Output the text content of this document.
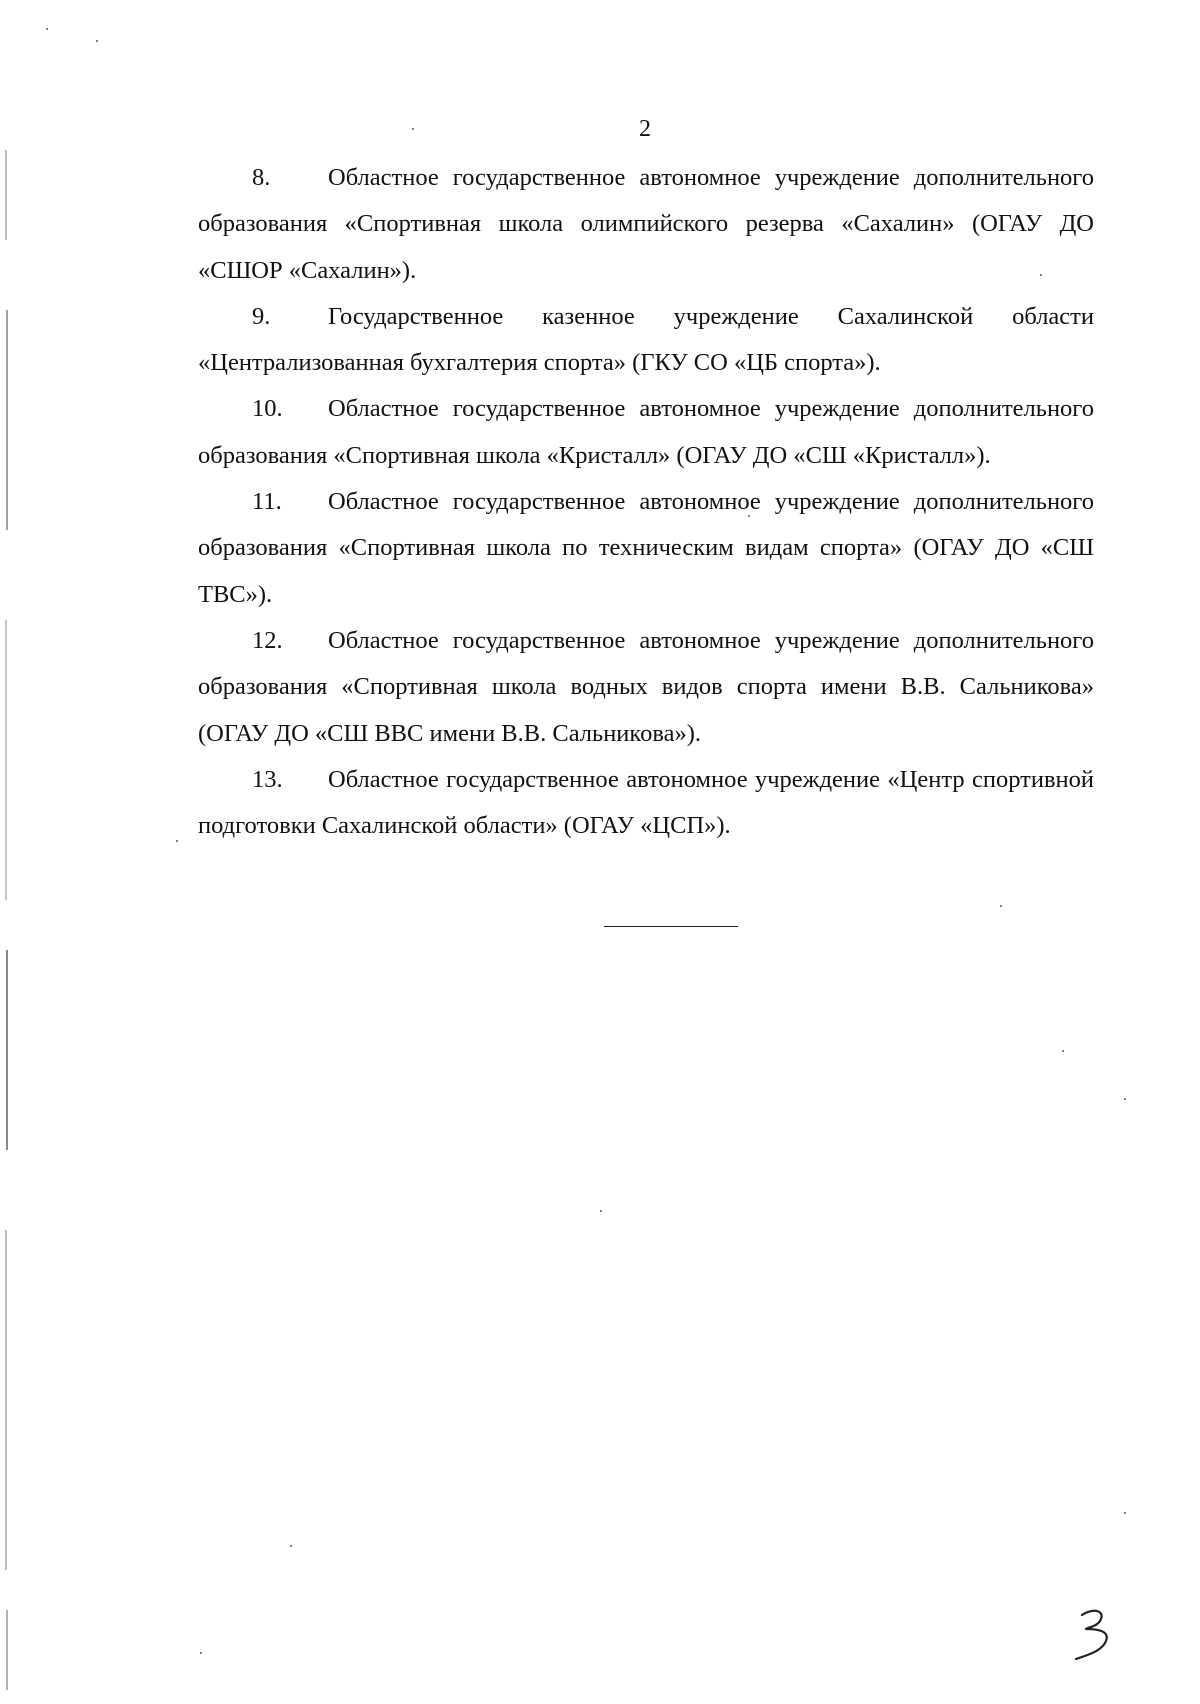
2

8. Областное государственное автономное учреждение дополнительного образования «Спортивная школа олимпийского резерва «Сахалин» (ОГАУ ДО «СШОР «Сахалин»).

9. Государственное казенное учреждение Сахалинской области «Централизованная бухгалтерия спорта» (ГКУ СО «ЦБ спорта»).

10. Областное государственное автономное учреждение дополнительного образования «Спортивная школа «Кристалл» (ОГАУ ДО «СШ «Кристалл»).

11. Областное государственное автономное учреждение дополнительного образования «Спортивная школа по техническим видам спорта» (ОГАУ ДО «СШ ТВС»).

12. Областное государственное автономное учреждение дополнительного образования «Спортивная школа водных видов спорта имени В.В. Сальникова» (ОГАУ ДО «СШ ВВС имени В.В. Сальникова»).

13. Областное государственное автономное учреждение «Центр спортивной подготовки Сахалинской области» (ОГАУ «ЦСП»).
